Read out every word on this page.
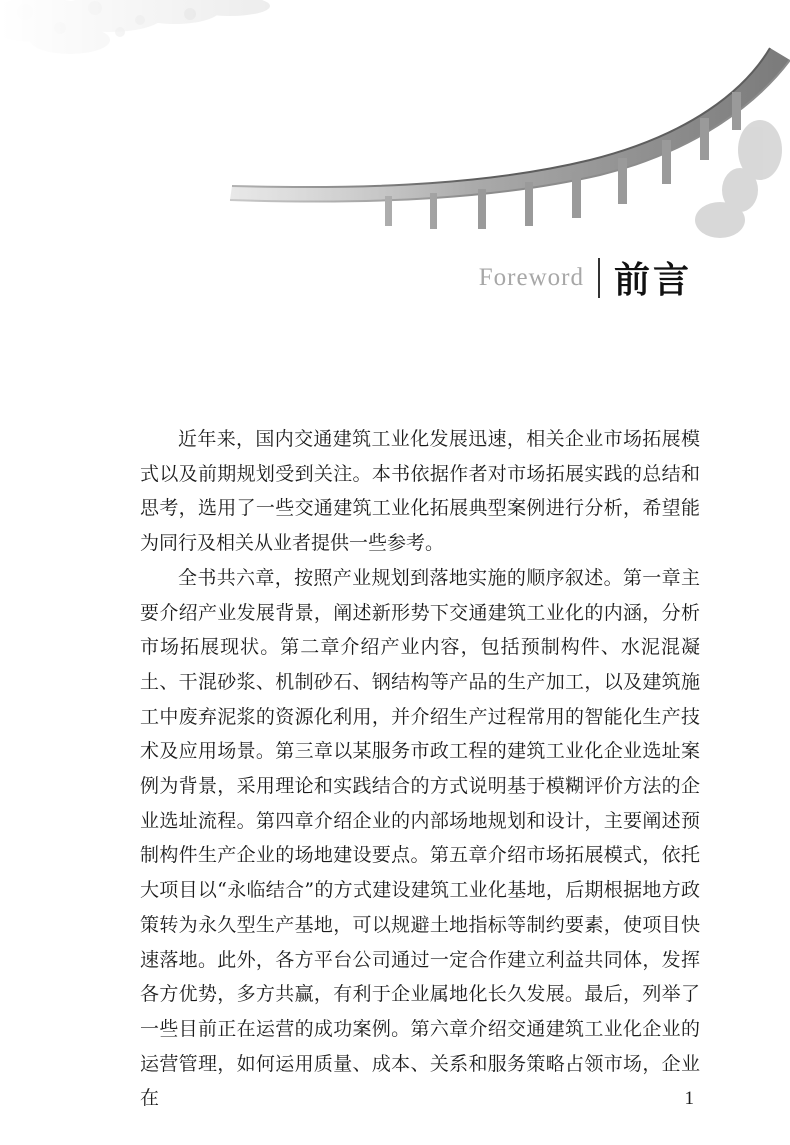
Foreword 前言

近年来，国内交通建筑工业化发展迅速，相关企业市场拓展模式以及前期规划受到关注。本书依据作者对市场拓展实践的总结和思考，选用了一些交通建筑工业化拓展典型案例进行分析，希望能为同行及相关从业者提供一些参考。

全书共六章，按照产业规划到落地实施的顺序叙述。第一章主要介绍产业发展背景，阐述新形势下交通建筑工业化的内涵，分析市场拓展现状。第二章介绍产业内容，包括预制构件、水泥混凝土、干混砂浆、机制砂石、钢结构等产品的生产加工，以及建筑施工中废弃泥浆的资源化利用，并介绍生产过程常用的智能化生产技术及应用场景。第三章以某服务市政工程的建筑工业化企业选址案例为背景，采用理论和实践结合的方式说明基于模糊评价方法的企业选址流程。第四章介绍企业的内部场地规划和设计，主要阐述预制构件生产企业的场地建设要点。第五章介绍市场拓展模式，依托大项目以“永临结合”的方式建设建筑工业化基地，后期根据地方政策转为永久型生产基地，可以规避土地指标等制约要素，使项目快速落地。此外，各方平台公司通过一定合作建立利益共同体，发挥各方优势，多方共赢，有利于企业属地化长久发展。最后，列举了一些目前正在运营的成功案例。第六章介绍交通建筑工业化企业的运营管理，如何运用质量、成本、关系和服务策略占领市场，企业在	1
